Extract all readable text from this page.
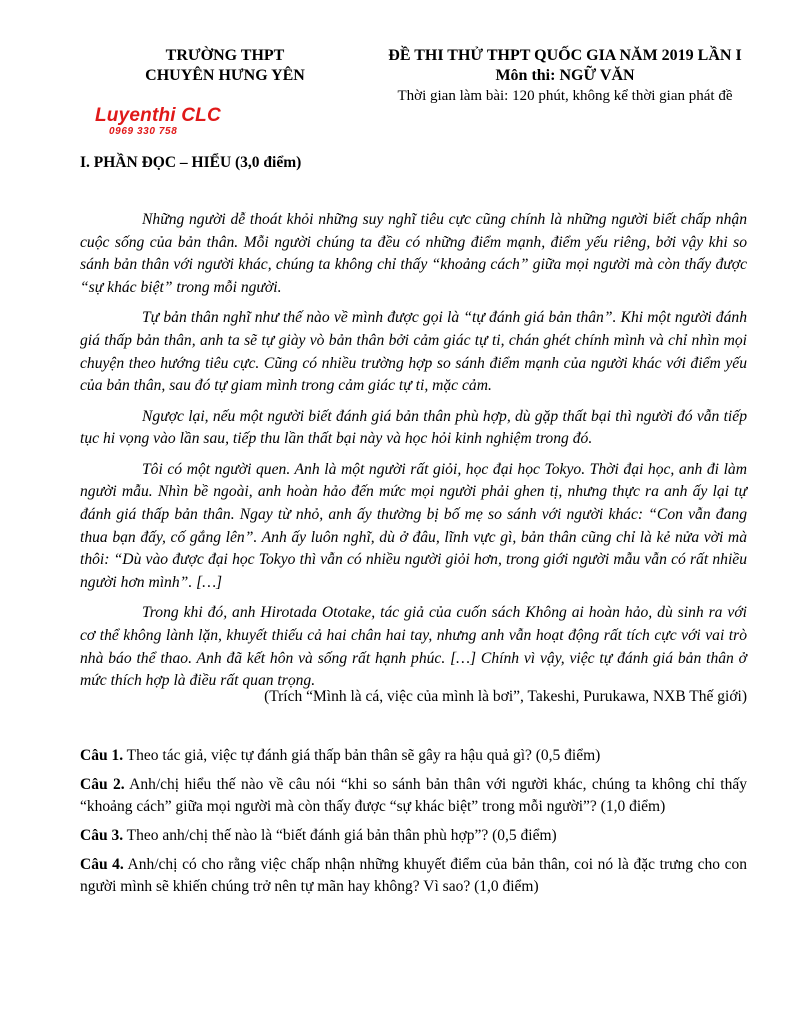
TRƯỜNG THPT
CHUYÊN HƯNG YÊN
ĐỀ THI THỬ THPT QUỐC GIA NĂM 2019 LẦN I
Môn thi: NGỮ VĂN
Thời gian làm bài: 120 phút, không kể thời gian phát đề
Luyenthi CLC
0969 330 758
I. PHẦN ĐỌC – HIỂU (3,0 điểm)

Những người dễ thoát khỏi những suy nghĩ tiêu cực cũng chính là những người biết chấp nhận cuộc sống của bản thân. Mỗi người chúng ta đều có những điểm mạnh, điểm yếu riêng, bởi vậy khi so sánh bản thân với người khác, chúng ta không chỉ thấy “khoảng cách” giữa mọi người mà còn thấy được “sự khác biệt” trong mỗi người.

Tự bản thân nghĩ như thế nào về mình được gọi là “tự đánh giá bản thân”. Khi một người đánh giá thấp bản thân, anh ta sẽ tự giày vò bản thân bởi cảm giác tự ti, chán ghét chính mình và chỉ nhìn mọi chuyện theo hướng tiêu cực. Cũng có nhiều trường hợp so sánh điểm mạnh của người khác với điểm yếu của bản thân, sau đó tự giam mình trong cảm giác tự ti, mặc cảm.

Ngược lại, nếu một người biết đánh giá bản thân phù hợp, dù gặp thất bại thì người đó vẫn tiếp tục hi vọng vào lần sau, tiếp thu lần thất bại này và học hỏi kinh nghiệm trong đó.

Tôi có một người quen. Anh là một người rất giỏi, học đại học Tokyo. Thời đại học, anh đi làm người mẫu. Nhìn bề ngoài, anh hoàn hảo đến mức mọi người phải ghen tị, nhưng thực ra anh ấy lại tự đánh giá thấp bản thân. Ngay từ nhỏ, anh ấy thường bị bố mẹ so sánh với người khác: “Con vẫn đang thua bạn đấy, cố gắng lên”. Anh ấy luôn nghĩ, dù ở đâu, lĩnh vực gì, bản thân cũng chỉ là kẻ nửa vời mà thôi: “Dù vào được đại học Tokyo thì vẫn có nhiều người giỏi hơn, trong giới người mẫu vẫn có rất nhiều người hơn mình”. […]

Trong khi đó, anh Hirotada Ototake, tác giả của cuốn sách Không ai hoàn hảo, dù sinh ra với cơ thể không lành lặn, khuyết thiếu cả hai chân hai tay, nhưng anh vẫn hoạt động rất tích cực với vai trò nhà báo thể thao. Anh đã kết hôn và sống rất hạnh phúc. […] Chính vì vậy, việc tự đánh giá bản thân ở mức thích hợp là điều rất quan trọng.

(Trích “Mình là cá, việc của mình là bơi”, Takeshi, Purukawa, NXB Thế giới)

Câu 1. Theo tác giả, việc tự đánh giá thấp bản thân sẽ gây ra hậu quả gì? (0,5 điểm)

Câu 2. Anh/chị hiểu thế nào về câu nói “khi so sánh bản thân với người khác, chúng ta không chỉ thấy “khoảng cách” giữa mọi người mà còn thấy được “sự khác biệt” trong mỗi người”? (1,0 điểm)

Câu 3. Theo anh/chị thế nào là “biết đánh giá bản thân phù hợp”? (0,5 điểm)

Câu 4. Anh/chị có cho rằng việc chấp nhận những khuyết điểm của bản thân, coi nó là đặc trưng cho con người mình sẽ khiến chúng trở nên tự mãn hay không? Vì sao? (1,0 điểm)
